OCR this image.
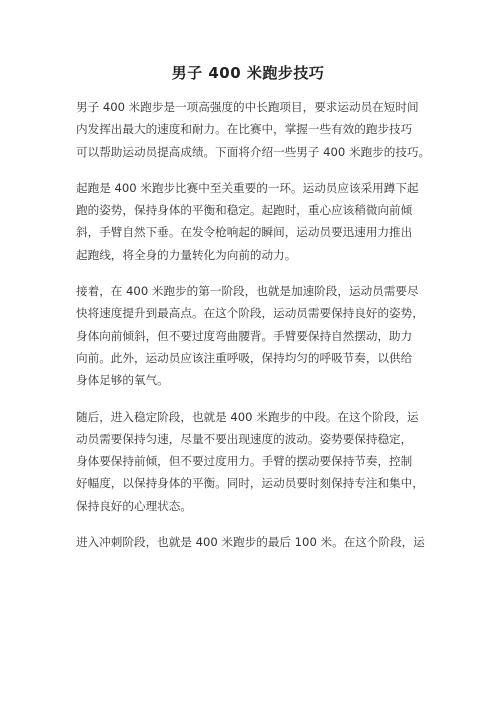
男子 400 米跑步技巧

男子 400 米跑步是一项高强度的中长跑项目，要求运动员在短时间
内发挥出最大的速度和耐力。在比赛中，掌握一些有效的跑步技巧
可以帮助运动员提高成绩。下面将介绍一些男子 400 米跑步的技巧。

起跑是 400 米跑步比赛中至关重要的一环。运动员应该采用蹲下起
跑的姿势，保持身体的平衡和稳定。起跑时，重心应该稍微向前倾
斜，手臂自然下垂。在发令枪响起的瞬间，运动员要迅速用力推出
起跑线，将全身的力量转化为向前的动力。

接着，在 400 米跑步的第一阶段，也就是加速阶段，运动员需要尽
快将速度提升到最高点。在这个阶段，运动员需要保持良好的姿势，
身体向前倾斜，但不要过度弯曲腰背。手臂要保持自然摆动，助力
向前。此外，运动员应该注重呼吸，保持均匀的呼吸节奏，以供给
身体足够的氧气。

随后，进入稳定阶段，也就是 400 米跑步的中段。在这个阶段，运
动员需要保持匀速，尽量不要出现速度的波动。姿势要保持稳定，
身体要保持前倾，但不要过度用力。手臂的摆动要保持节奏，控制
好幅度，以保持身体的平衡。同时，运动员要时刻保持专注和集中，
保持良好的心理状态。

进入冲刺阶段，也就是 400 米跑步的最后 100 米。在这个阶段，运
